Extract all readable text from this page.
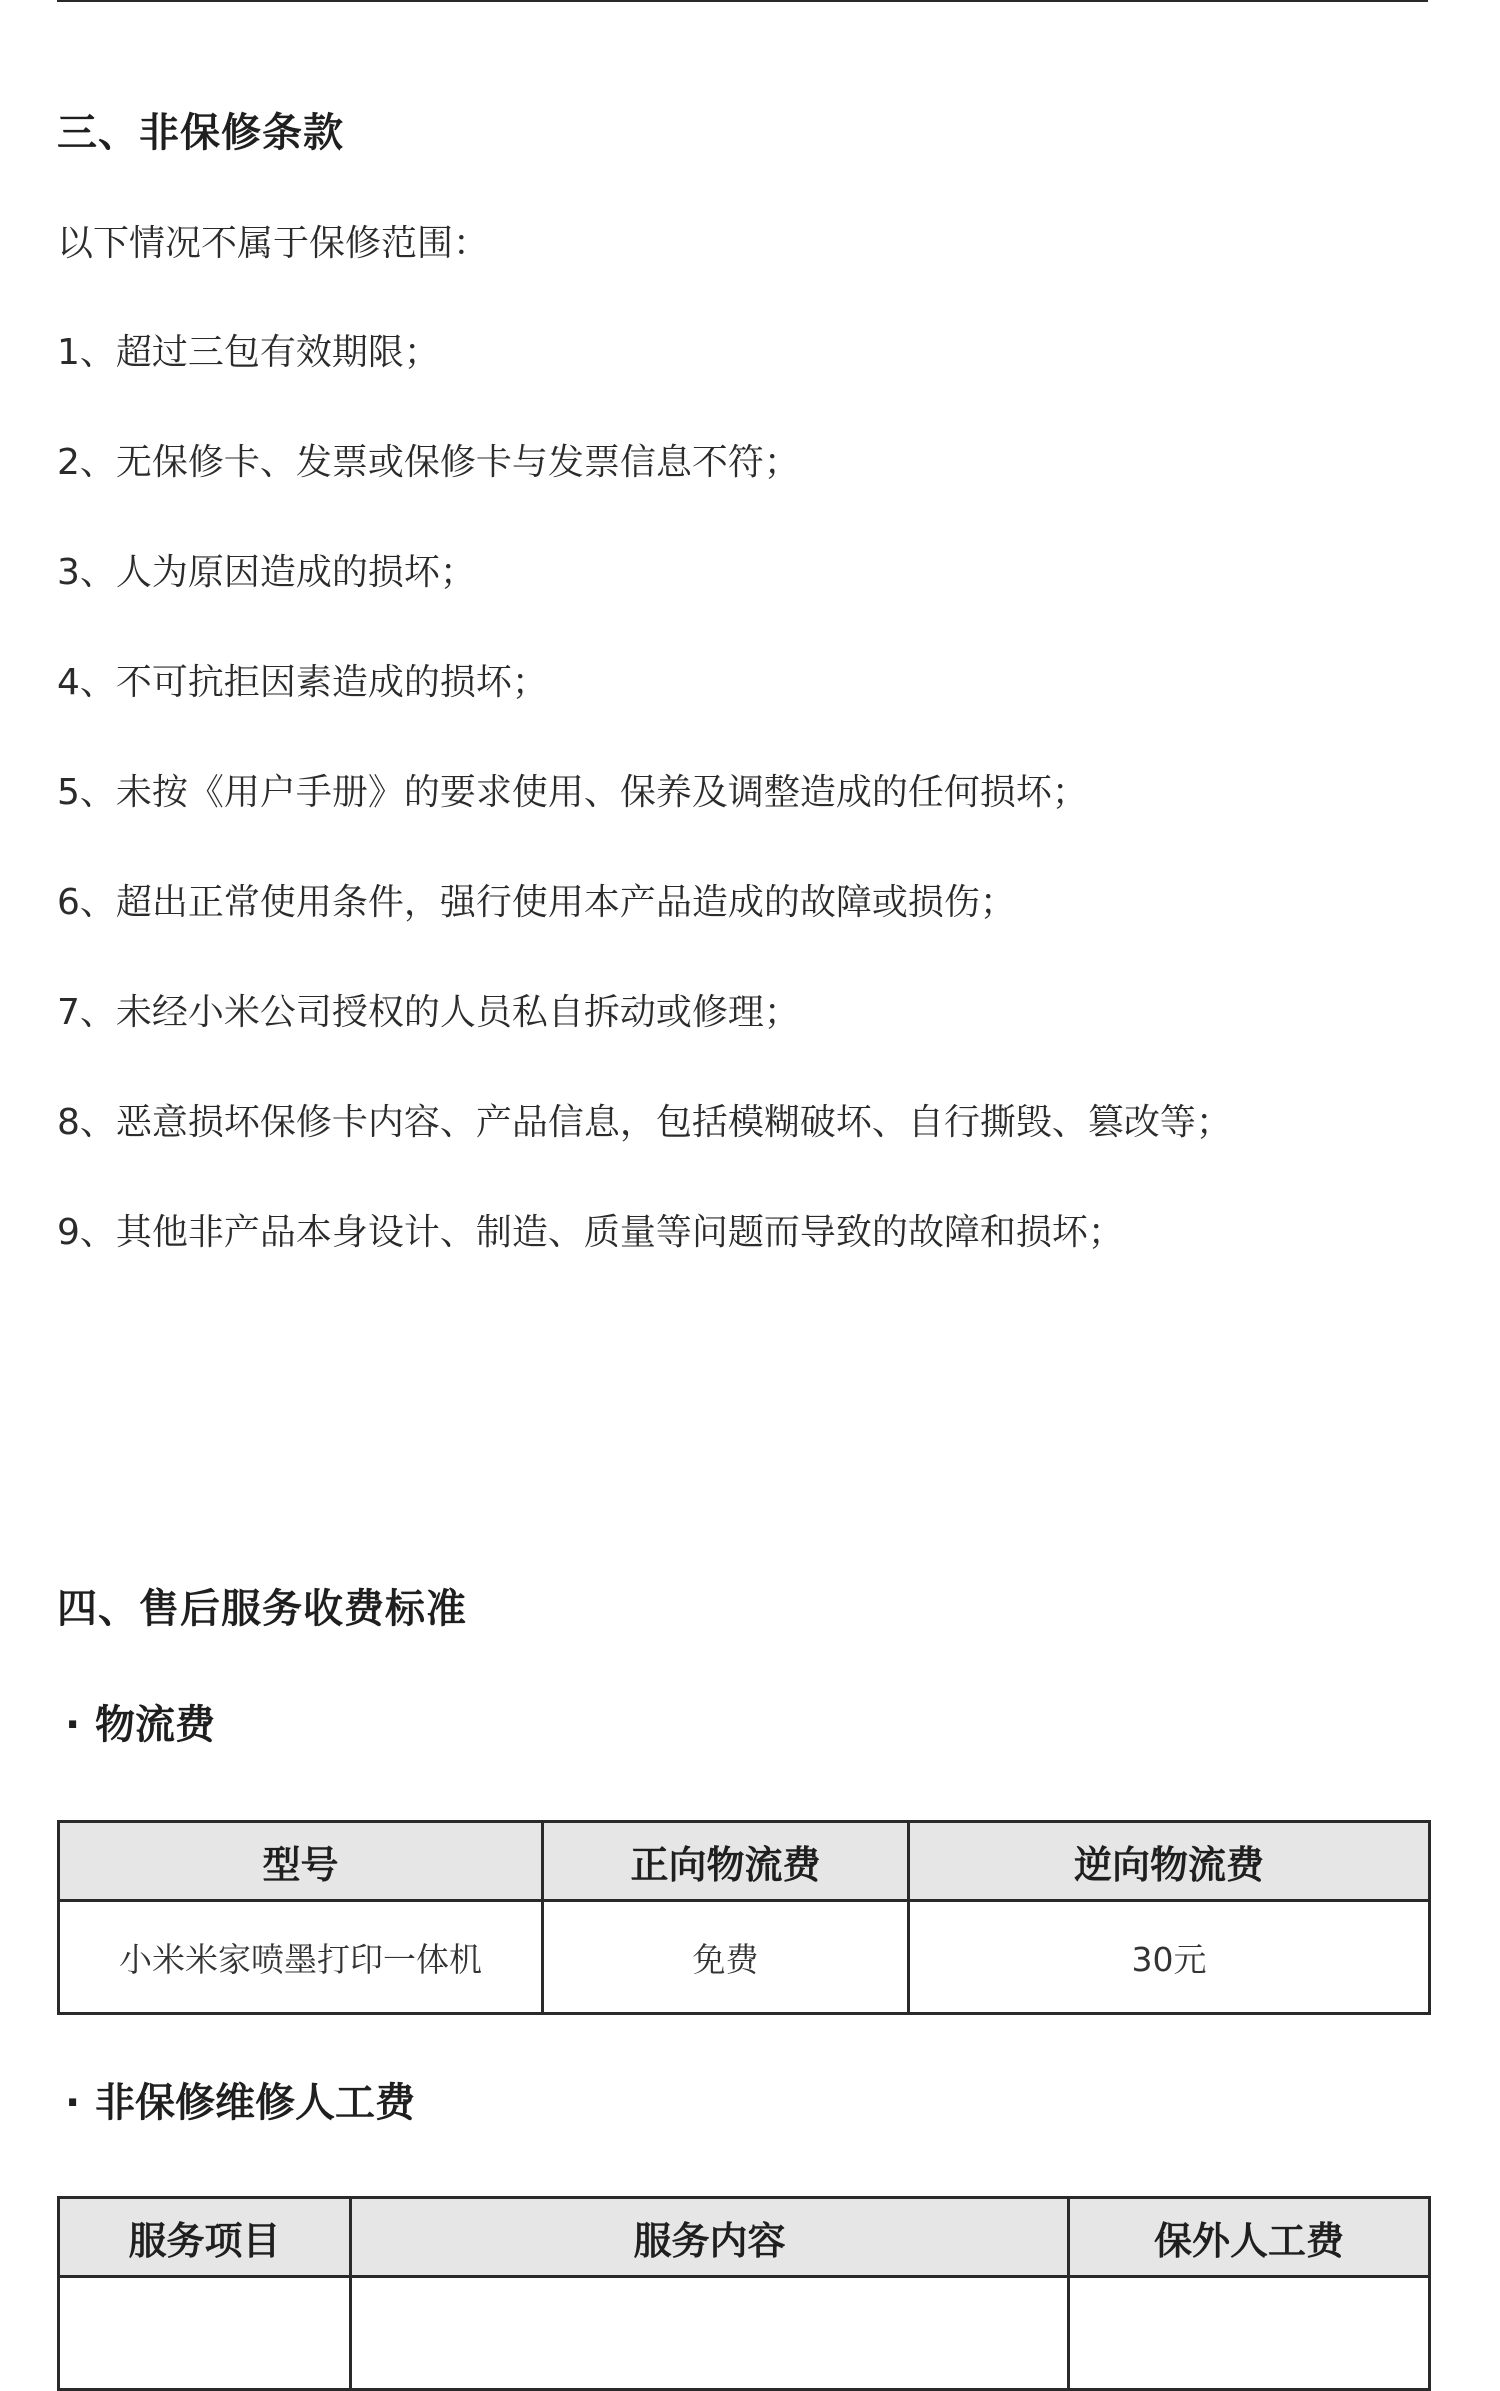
三、非保修条款

以下情况不属于保修范围：

1、超过三包有效期限；
2、无保修卡、发票或保修卡与发票信息不符；
3、人为原因造成的损坏；
4、不可抗拒因素造成的损坏；
5、未按《用户手册》的要求使用、保养及调整造成的任何损坏；
6、超出正常使用条件，强行使用本产品造成的故障或损伤；
7、未经小米公司授权的人员私自拆动或修理；
8、恶意损坏保修卡内容、产品信息，包括模糊破坏、自行撕毁、篡改等；
9、其他非产品本身设计、制造、质量等问题而导致的故障和损坏；
四、售后服务收费标准
· 物流费
型号	正向物流费	逆向物流费
小米米家喷墨打印一体机	免费	30元
· 非保修维修人工费
服务项目	服务内容	保外人工费
